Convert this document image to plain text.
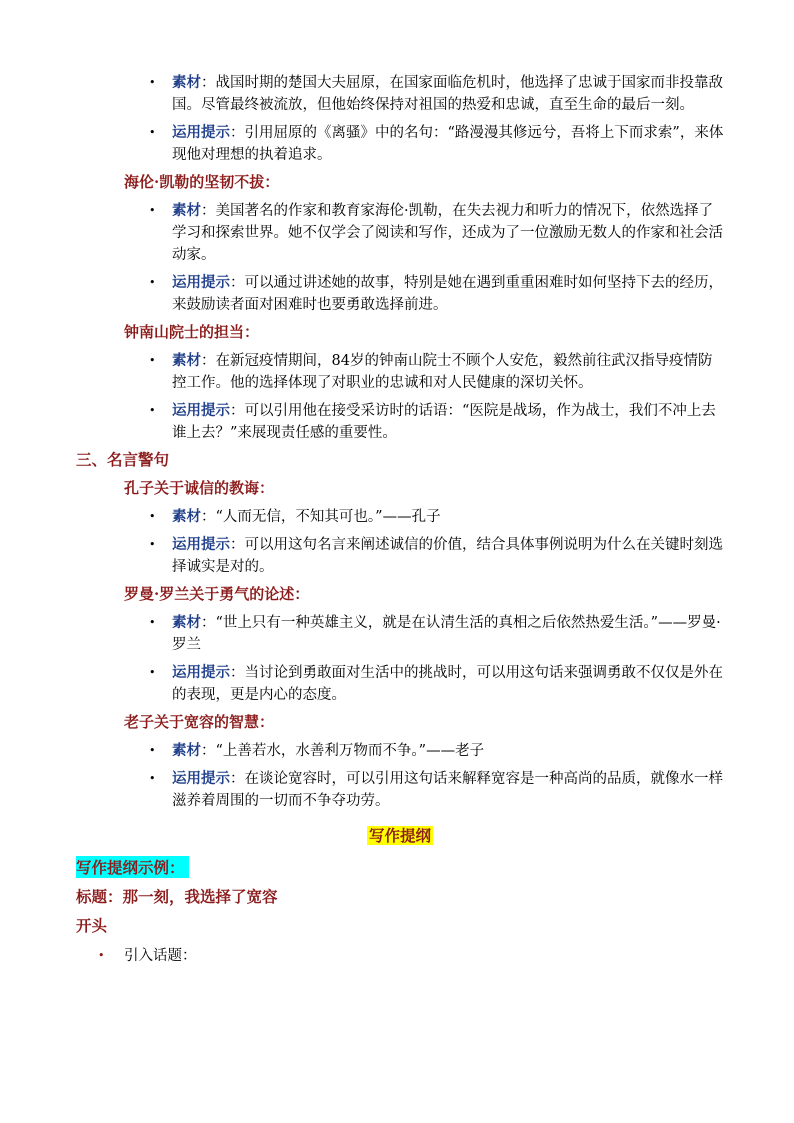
• 素材：战国时期的楚国大夫屈原，在国家面临危机时，他选择了忠诚于国家而非投靠敌国。尽管最终被流放，但他始终保持对祖国的热爱和忠诚，直至生命的最后一刻。
• 运用提示：引用屈原的《离骚》中的名句：“路漫漫其修远兮，吾将上下而求索”，来体现他对理想的执着追求。
海伦·凯勒的坚韧不拔：
• 素材：美国著名的作家和教育家海伦·凯勒，在失去视力和听力的情况下，依然选择了学习和探索世界。她不仅学会了阅读和写作，还成为了一位激励无数人的作家和社会活动家。
• 运用提示：可以通过讲述她的故事，特别是她在遇到重重困难时如何坚持下去的经历，来鼓励读者面对困难时也要勇敢选择前进。
钟南山院士的担当：
• 素材：在新冠疫情期间，84岁的钟南山院士不顾个人安危，毅然前往武汉指导疫情防控工作。他的选择体现了对职业的忠诚和对人民健康的深切关怀。
• 运用提示：可以引用他在接受采访时的话语：“医院是战场，作为战士，我们不冲上去谁上去？”来展现责任感的重要性。
三、名言警句
孔子关于诚信的教诲：
• 素材：“人而无信，不知其可也。”——孔子
• 运用提示：可以用这句名言来阐述诚信的价值，结合具体事例说明为什么在关键时刻选择诚实是对的。
罗曼·罗兰关于勇气的论述：
• 素材：“世上只有一种英雄主义，就是在认清生活的真相之后依然热爱生活。”——罗曼·罗兰
• 运用提示：当讨论到勇敢面对生活中的挑战时，可以用这句话来强调勇敢不仅仅是外在的表现，更是内心的态度。
老子关于宽容的智慧：
• 素材：“上善若水，水善利万物而不争。”——老子
• 运用提示：在谈论宽容时，可以引用这句话来解释宽容是一种高尚的品质，就像水一样滋养着周围的一切而不争夺功劳。
写作提纲
写作提纲示例：
标题：那一刻，我选择了宽容
开头
• 引入话题：
